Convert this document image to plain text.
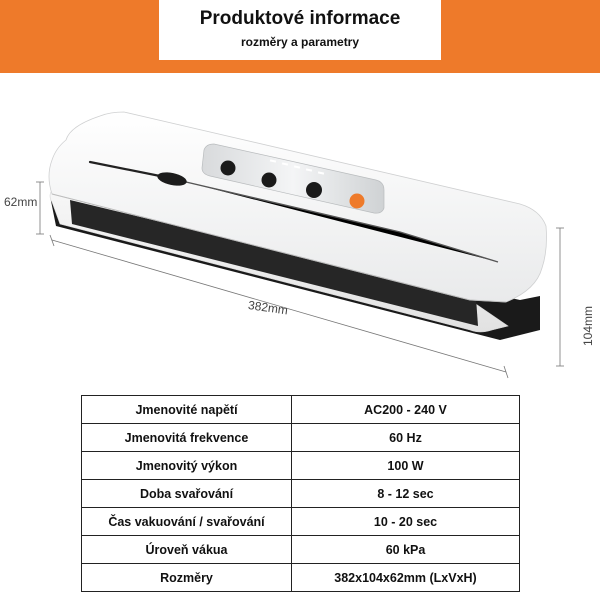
Produktové informace
rozměry a parametry
62mm
382mm	104mm
Jmenovité napětí	AC200 - 240 V
Jmenovitá frekvence	60 Hz
Jmenovitý výkon	100 W
Doba svařování	8 - 12 sec
Čas vakuování / svařování	10 - 20 sec
Úroveň vákua	60 kPa
Rozměry	382x104x62mm (LxVxH)
